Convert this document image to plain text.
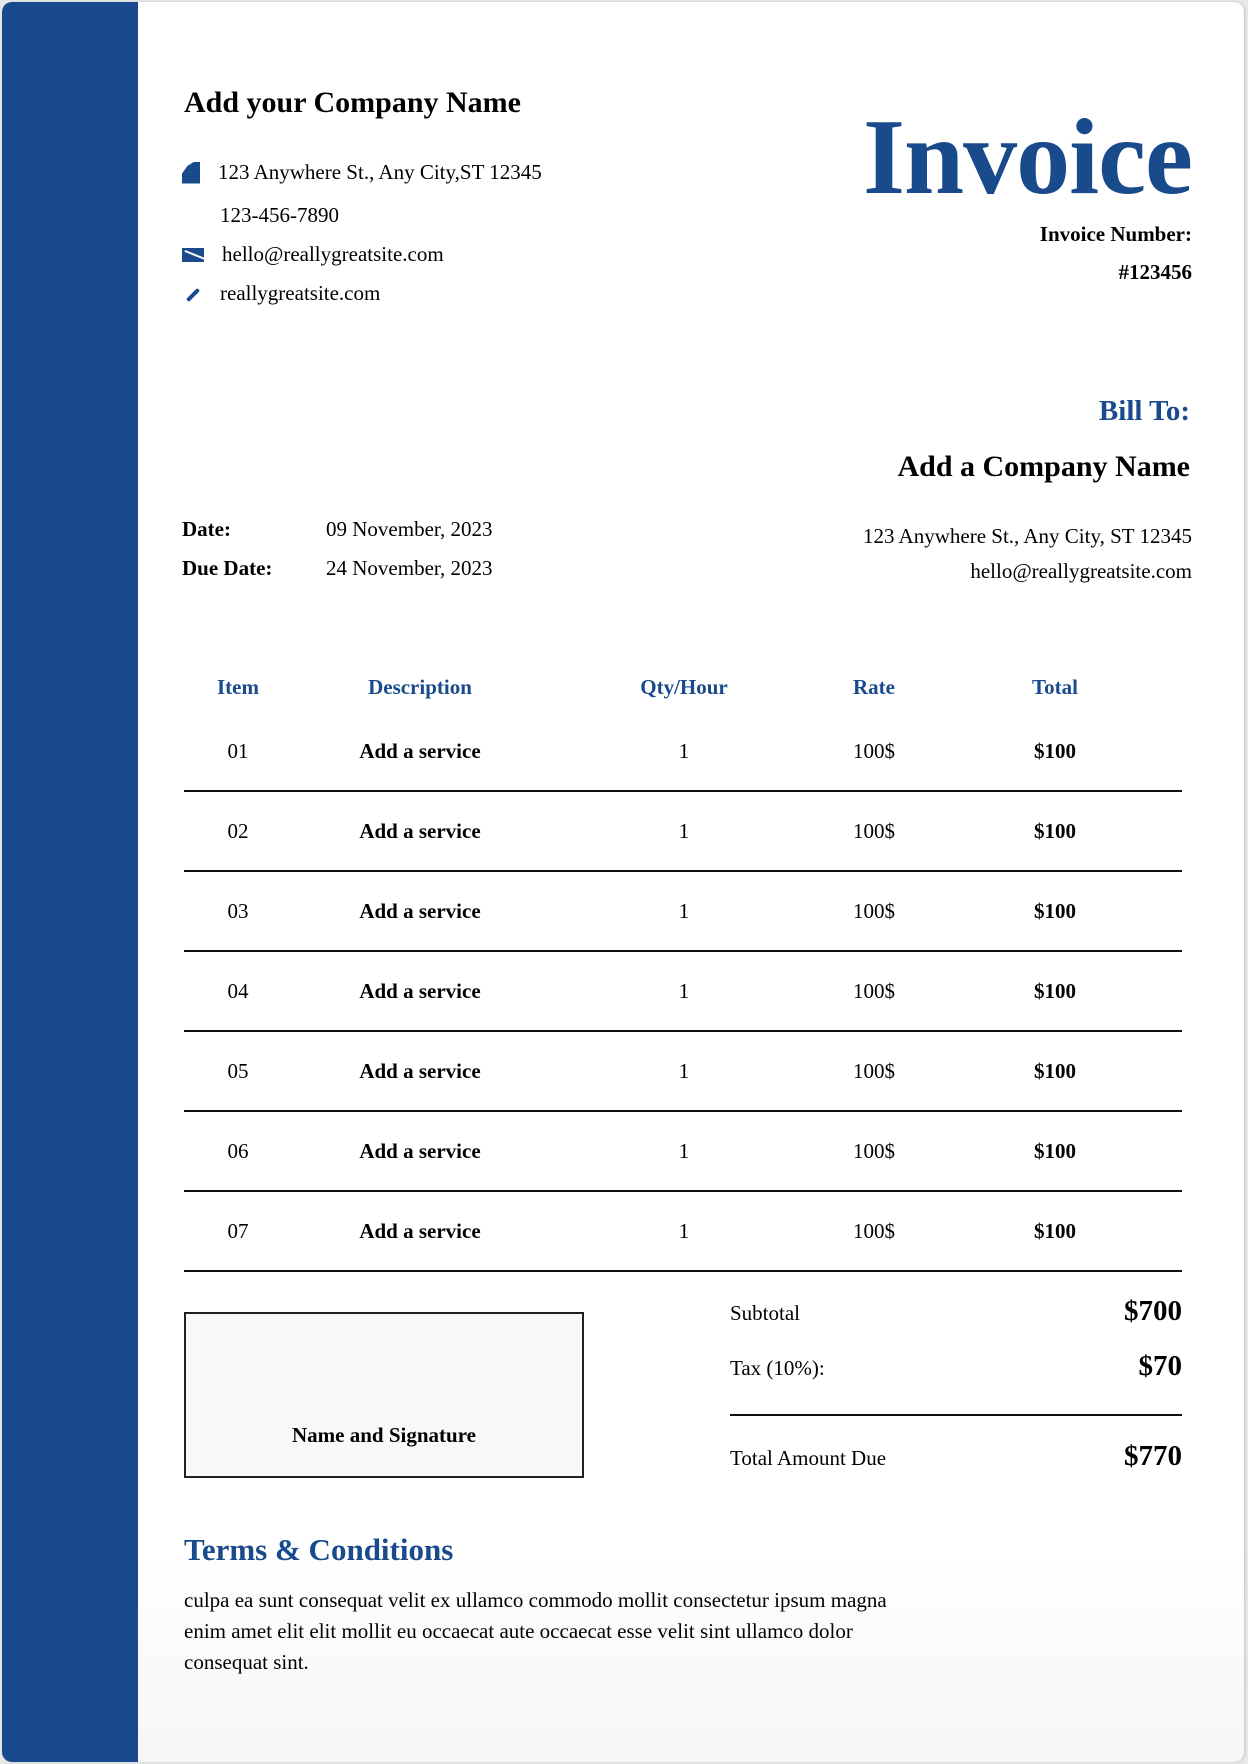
Add your Company Name
123 Anywhere St., Any City,ST 12345
123-456-7890
hello@reallygreatsite.com
reallygreatsite.com
Invoice
Invoice Number:
#123456
Bill To:
Add a Company Name
123 Anywhere St., Any City, ST 12345
hello@reallygreatsite.com
Date:	09 November, 2023
Due Date:	24 November, 2023
Item	Description	Qty/Hour	Rate	Total
01	Add a service	1	100$	$100
02	Add a service	1	100$	$100
03	Add a service	1	100$	$100
04	Add a service	1	100$	$100
05	Add a service	1	100$	$100
06	Add a service	1	100$	$100
07	Add a service	1	100$	$100
Name and Signature
Subtotal	$700
Tax (10%):	$70
Total Amount Due	$770
Terms & Conditions
culpa ea sunt consequat velit ex ullamco commodo mollit consectetur ipsum magna enim amet elit elit mollit eu occaecat aute occaecat esse velit sint ullamco dolor consequat sint.
